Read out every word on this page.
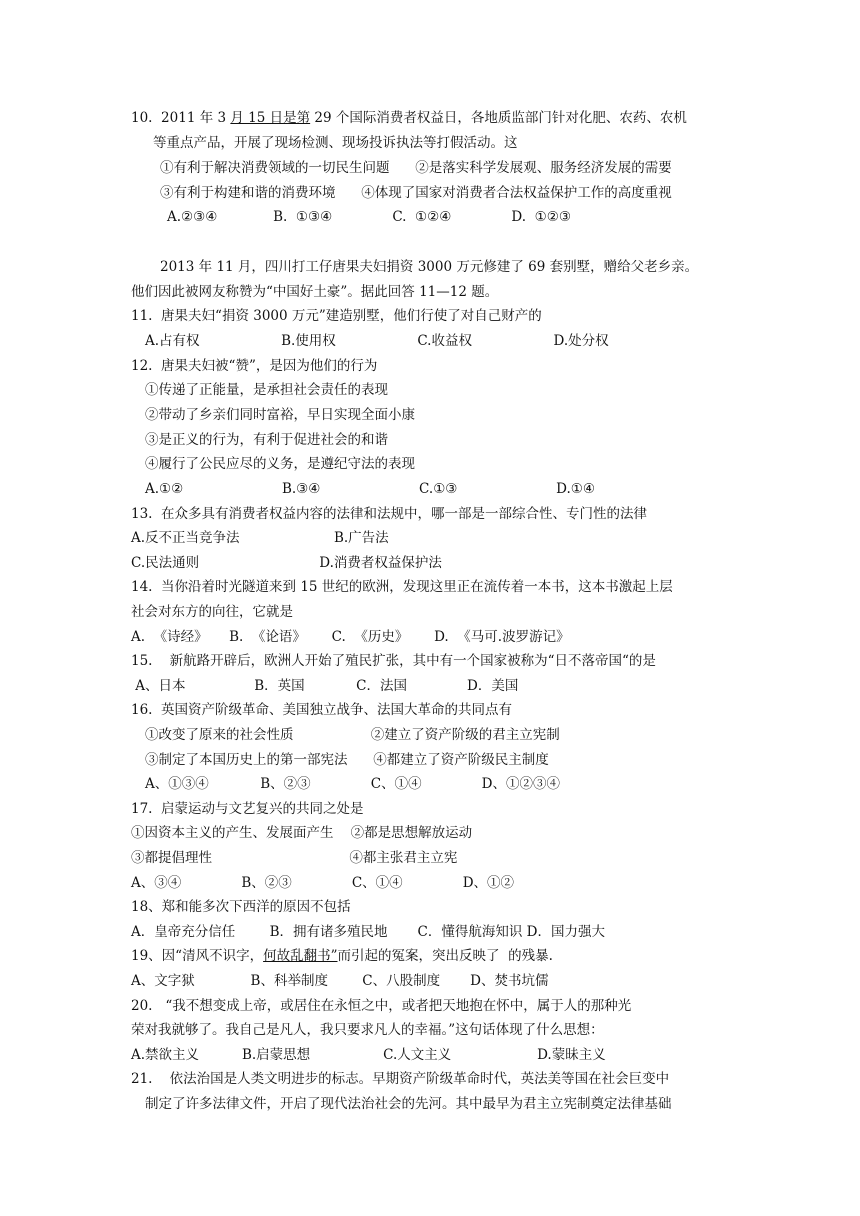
10.  2011 年 3 月 15 日是第 29 个国际消费者权益日，各地质监部门针对化肥、农药、农机
等重点产品，开展了现场检测、现场投诉执法等打假活动。这
①有利于解决消费领域的一切民生问题      ②是落实科学发展观、服务经济发展的需要
③有利于构建和谐的消费环境      ④体现了国家对消费者合法权益保护工作的高度重视
A.②③④             B.  ①③④              C.  ①②④              D.  ①②③
2013 年 11 月，四川打工仔唐果夫妇捐资 3000 万元修建了 69 套别墅，赠给父老乡亲。
他们因此被网友称赞为“中国好土豪”。据此回答 11—12 题。
11.  唐果夫妇“捐资 3000 万元”建造别墅，他们行使了对自己财产的
A.占有权                   B.使用权                   C.收益权                   D.处分权
12.  唐果夫妇被“赞”，是因为他们的行为
①传递了正能量，是承担社会责任的表现
②带动了乡亲们同时富裕，早日实现全面小康
③是正义的行为，有利于促进社会的和谐
④履行了公民应尽的义务，是遵纪守法的表现
A.①②                       B.③④                       C.①③                       D.①④
13.  在众多具有消费者权益内容的法律和法规中，哪一部是一部综合性、专门性的法律
A.反不正当竞争法                      B.广告法
C.民法通则                            D.消费者权益保护法
14.  当你沿着时光隧道来到 15 世纪的欧洲，发现这里正在流传着一本书，这本书激起上层
社会对东方的向往，它就是
A.  《诗经》     B.  《论语》      C.  《历史》      D.  《马可.波罗游记》
15.    新航路开辟后，欧洲人开始了殖民扩张，其中有一个国家被称为“日不落帝国“的是
A、日本                B．英国            C．法国              D．美国
16.  英国资产阶级革命、美国独立战争、法国大革命的共同点有
①改变了原来的社会性质                  ②建立了资产阶级的君主立宪制
③制定了本国历史上的第一部宪法      ④都建立了资产阶级民主制度
A、①③④            B、②③              C、①④              D、①②③④
17.  启蒙运动与文艺复兴的共同之处是
①因资本主义的产生、发展面产生    ②都是思想解放运动
③都提倡理性                                ④都主张君主立宪
A、③④              B、②③              C、①④              D、①②
18、郑和能多次下西洋的原因不包括
A．皇帝充分信任        B．拥有诸多殖民地       C．懂得航海知识 D．国力强大
19、因“清风不识字，何故乱翻书”而引起的冤案，突出反映了  的残暴.
A、文字狱             B、科举制度        C、八股制度       D、焚书坑儒
20.   “我不想变成上帝，或居住在永恒之中，或者把天地抱在怀中，属于人的那种光
荣对我就够了。我自己是凡人，我只要求凡人的幸福。”这句话体现了什么思想：
A.禁欲主义          B.启蒙思想                 C.人文主义                    D.蒙昧主义
21.    依法治国是人类文明进步的标志。早期资产阶级革命时代，英法美等国在社会巨变中
制定了许多法律文件，开启了现代法治社会的先河。其中最早为君主立宪制奠定法律基础
